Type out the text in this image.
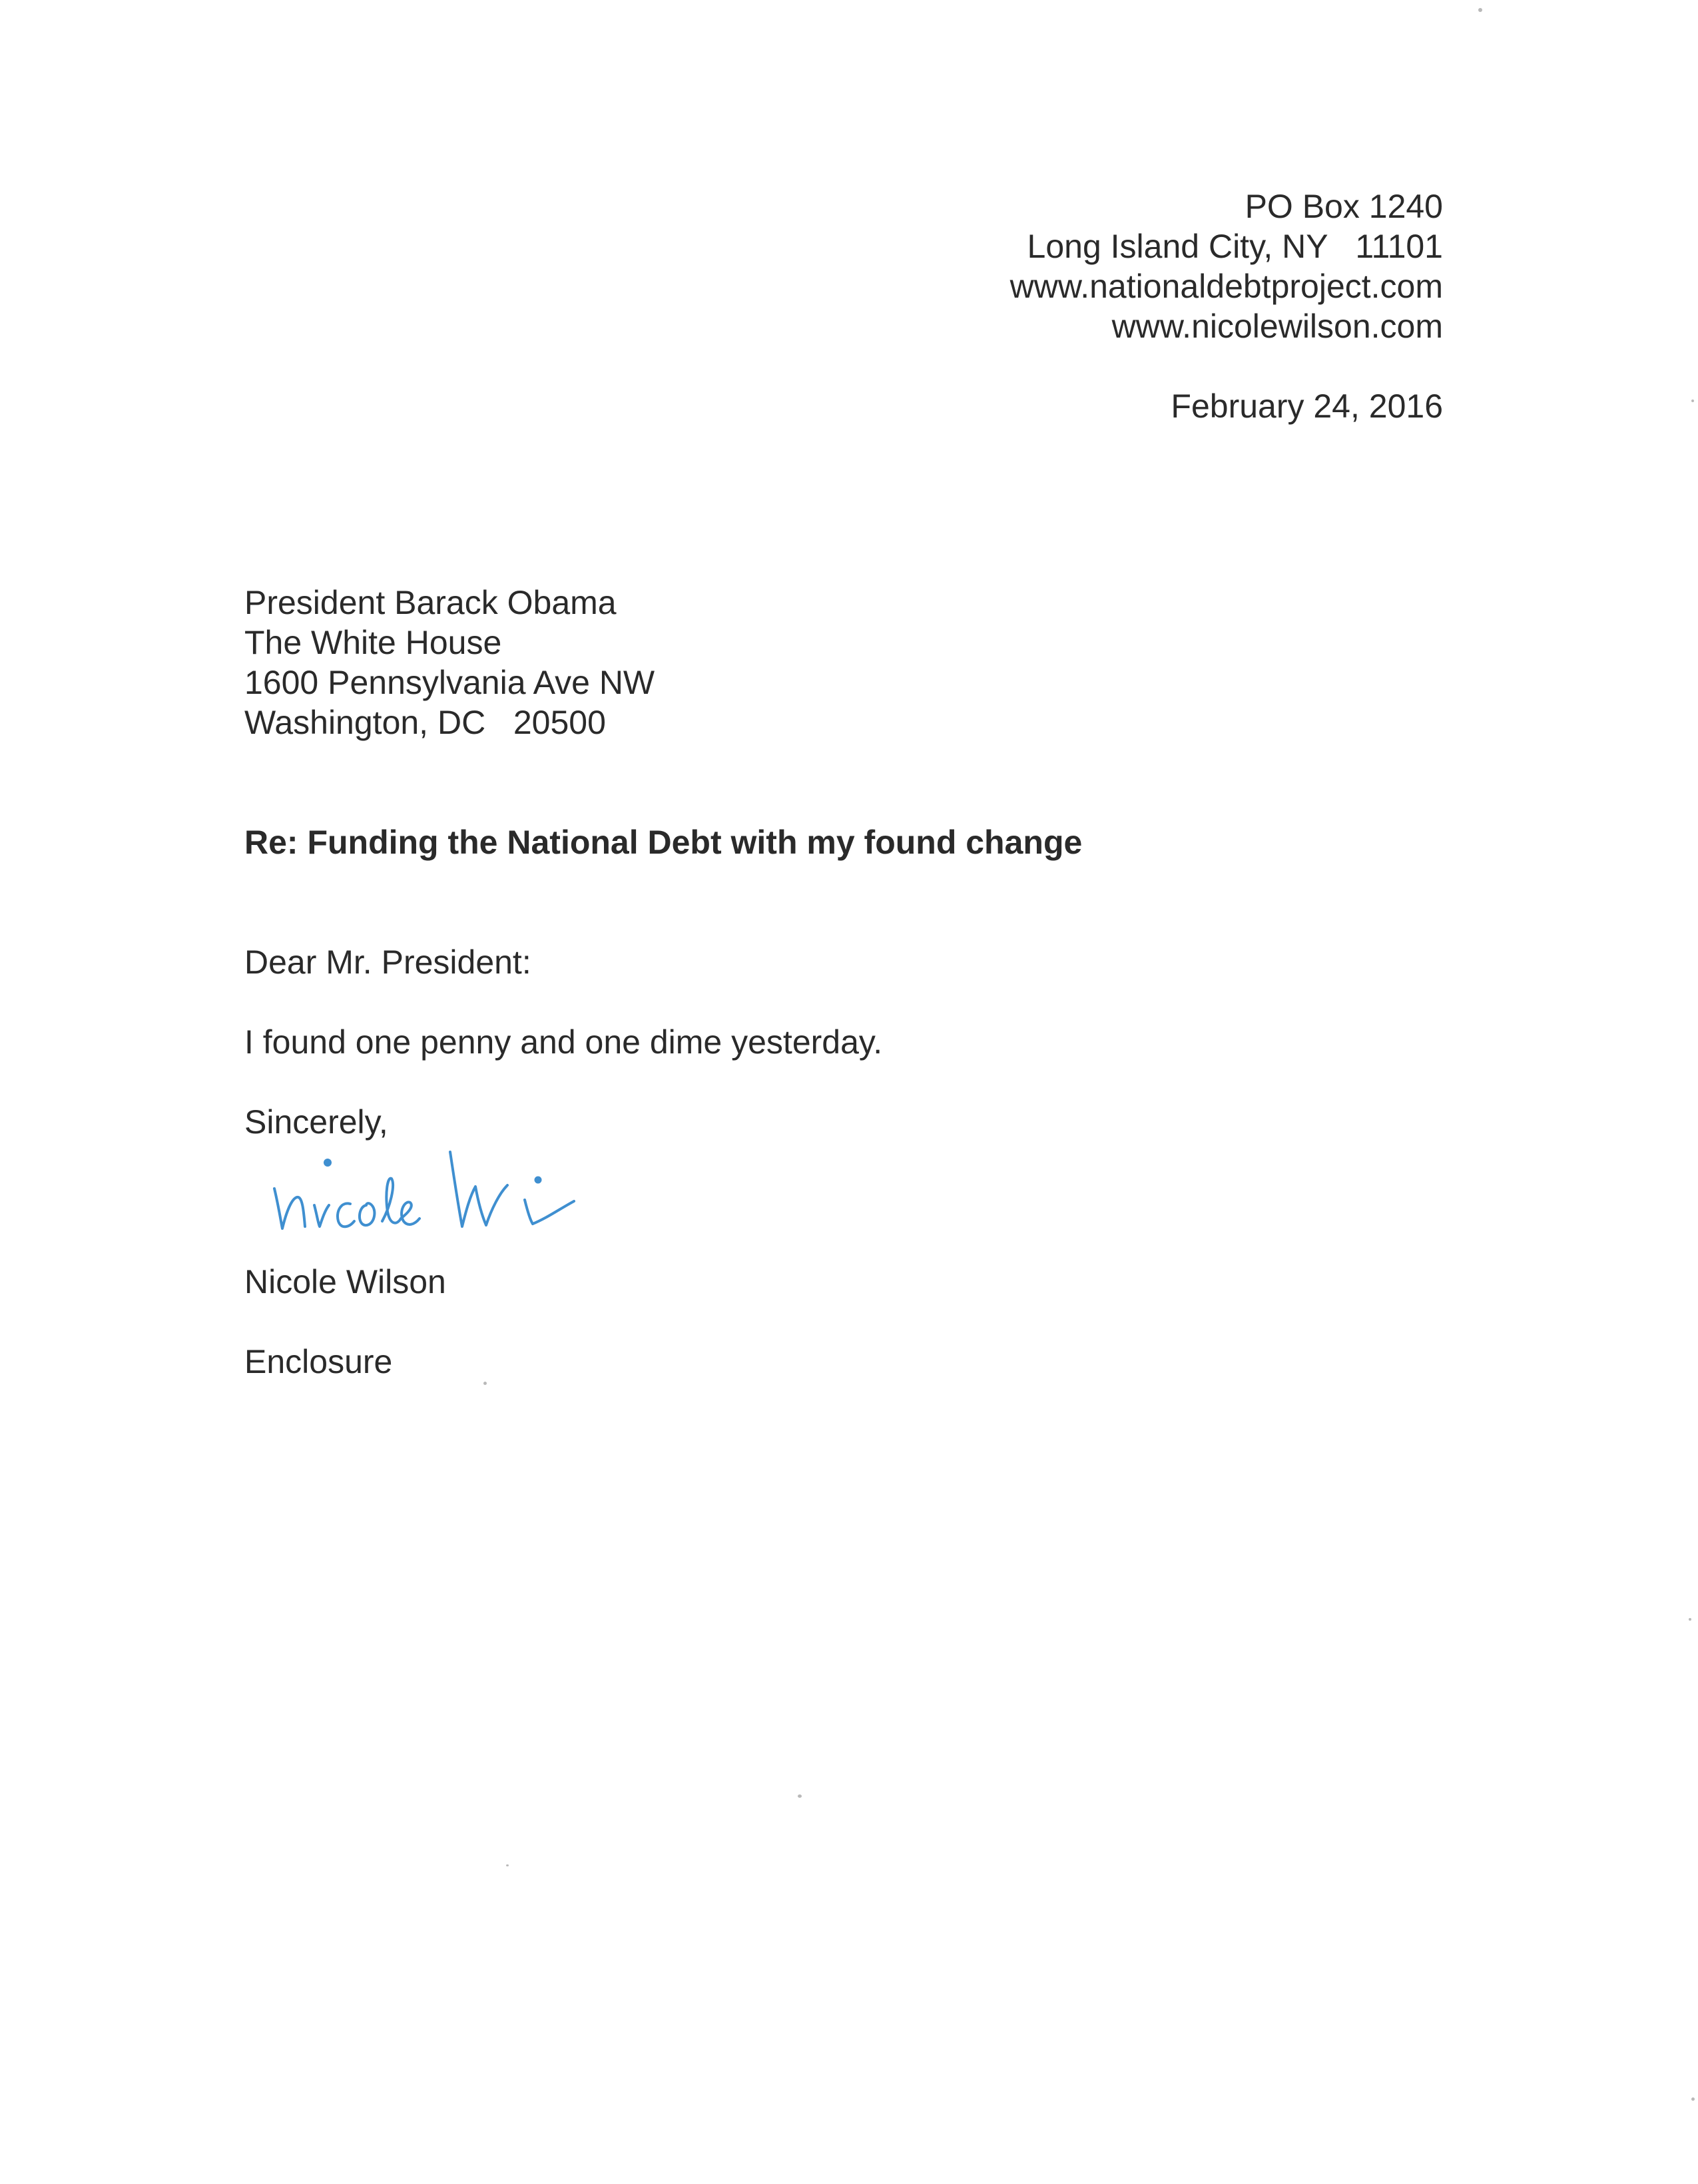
PO Box 1240
Long Island City, NY   11101
www.nationaldebtproject.com
www.nicolewilson.com
February 24, 2016
President Barack Obama
The White House
1600 Pennsylvania Ave NW
Washington, DC   20500
Re: Funding the National Debt with my found change
Dear Mr. President:
I found one penny and one dime yesterday.
Sincerely,
Nicole Wilson
Enclosure
